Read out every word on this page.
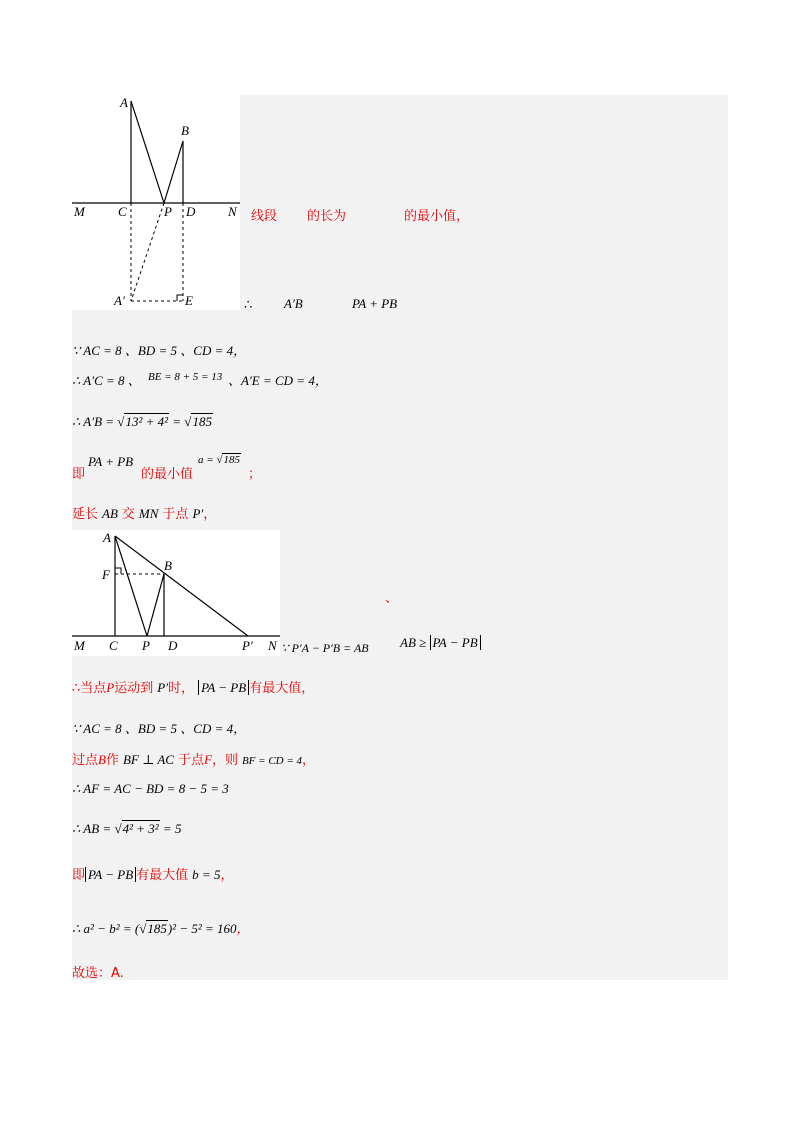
A
B
M	C	P D	N
A′	E
线段 的长为	的最小值，
∴ A′B	PA + PB
∵ AC = 8 、BD = 5 、CD = 4，
∴ A′C = 8 、 BE = 8 + 5 = 13 、A′E = CD = 4，
∴ A′B = √13² + 4² = √185
即
PA + PB
的最小值
a = √185
；
延长 AB 交 MN 于点 P′，
A
F
B
M C P D	P′ N
、
∵ P′A − P′B = AB AB ≥ PA − PB
∴当点P运动到 P′时， PA − PB 有最大值，
∵ AC = 8 、BD = 5 、CD = 4，
过点B作 BF ⊥ AC 于点F，则 BF = CD = 4，
∴ AF = AC − BD = 8 − 5 = 3
∴ AB = √4² + 3² = 5
即 PA − PB 有最大值 b = 5，
∴ a² − b² = (√185)² − 5² = 160，
故选：A.
